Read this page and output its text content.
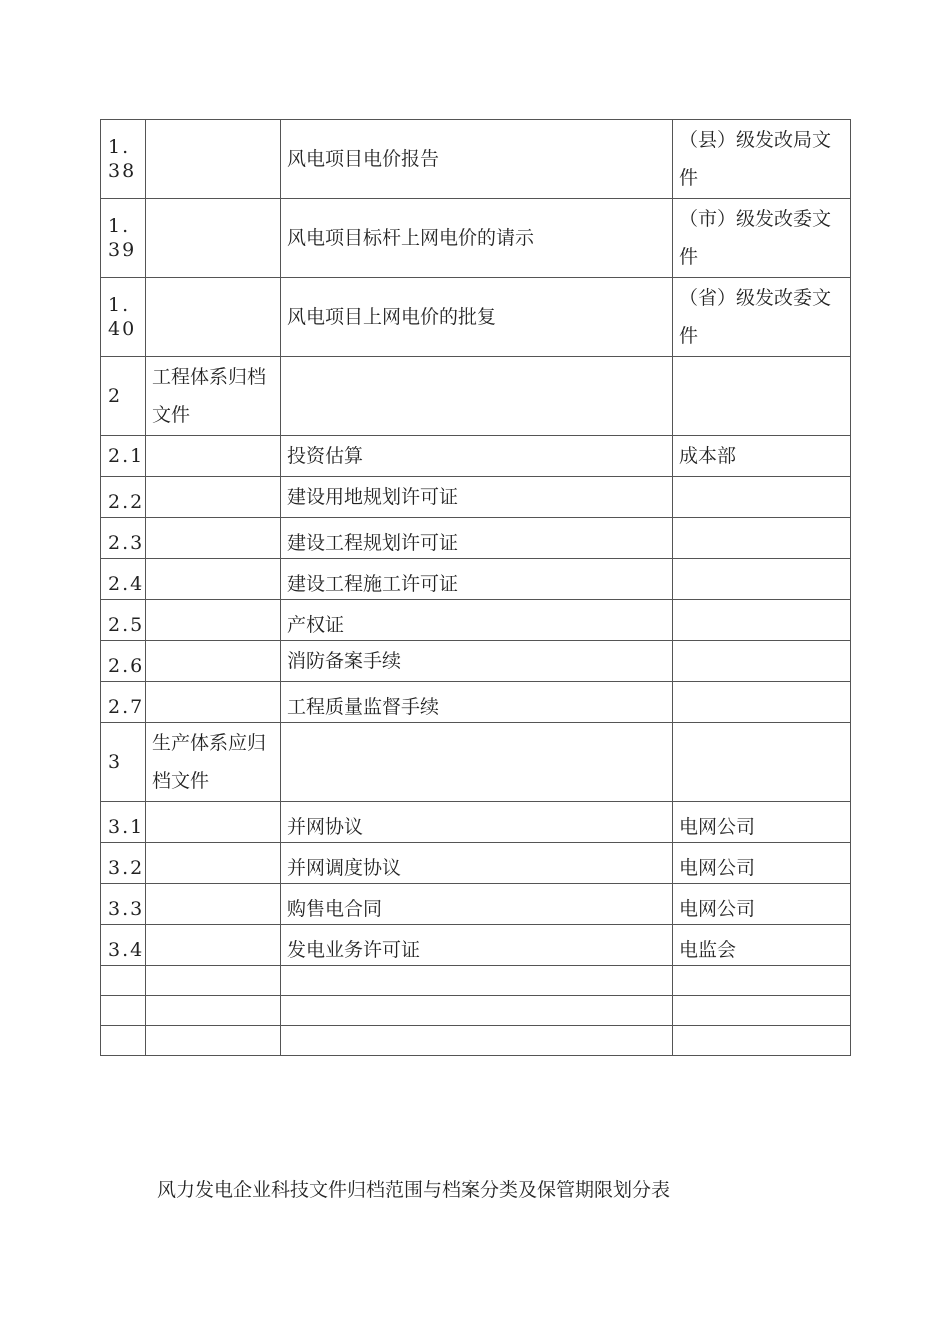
1.38		风电项目电价报告	（县）级发改局文件
1.39		风电项目标杆上网电价的请示	（市）级发改委文件
1.40		风电项目上网电价的批复	（省）级发改委文件
2	工程体系归档文件		
2.1		投资估算	成本部
2.2		建设用地规划许可证	
2.3		建设工程规划许可证	
2.4		建设工程施工许可证	
2.5		产权证	
2.6		消防备案手续	
2.7		工程质量监督手续	
3	生产体系应归档文件		
3.1		并网协议	电网公司
3.2		并网调度协议	电网公司
3.3		购售电合同	电网公司
3.4		发电业务许可证	电监会

风力发电企业科技文件归档范围与档案分类及保管期限划分表
